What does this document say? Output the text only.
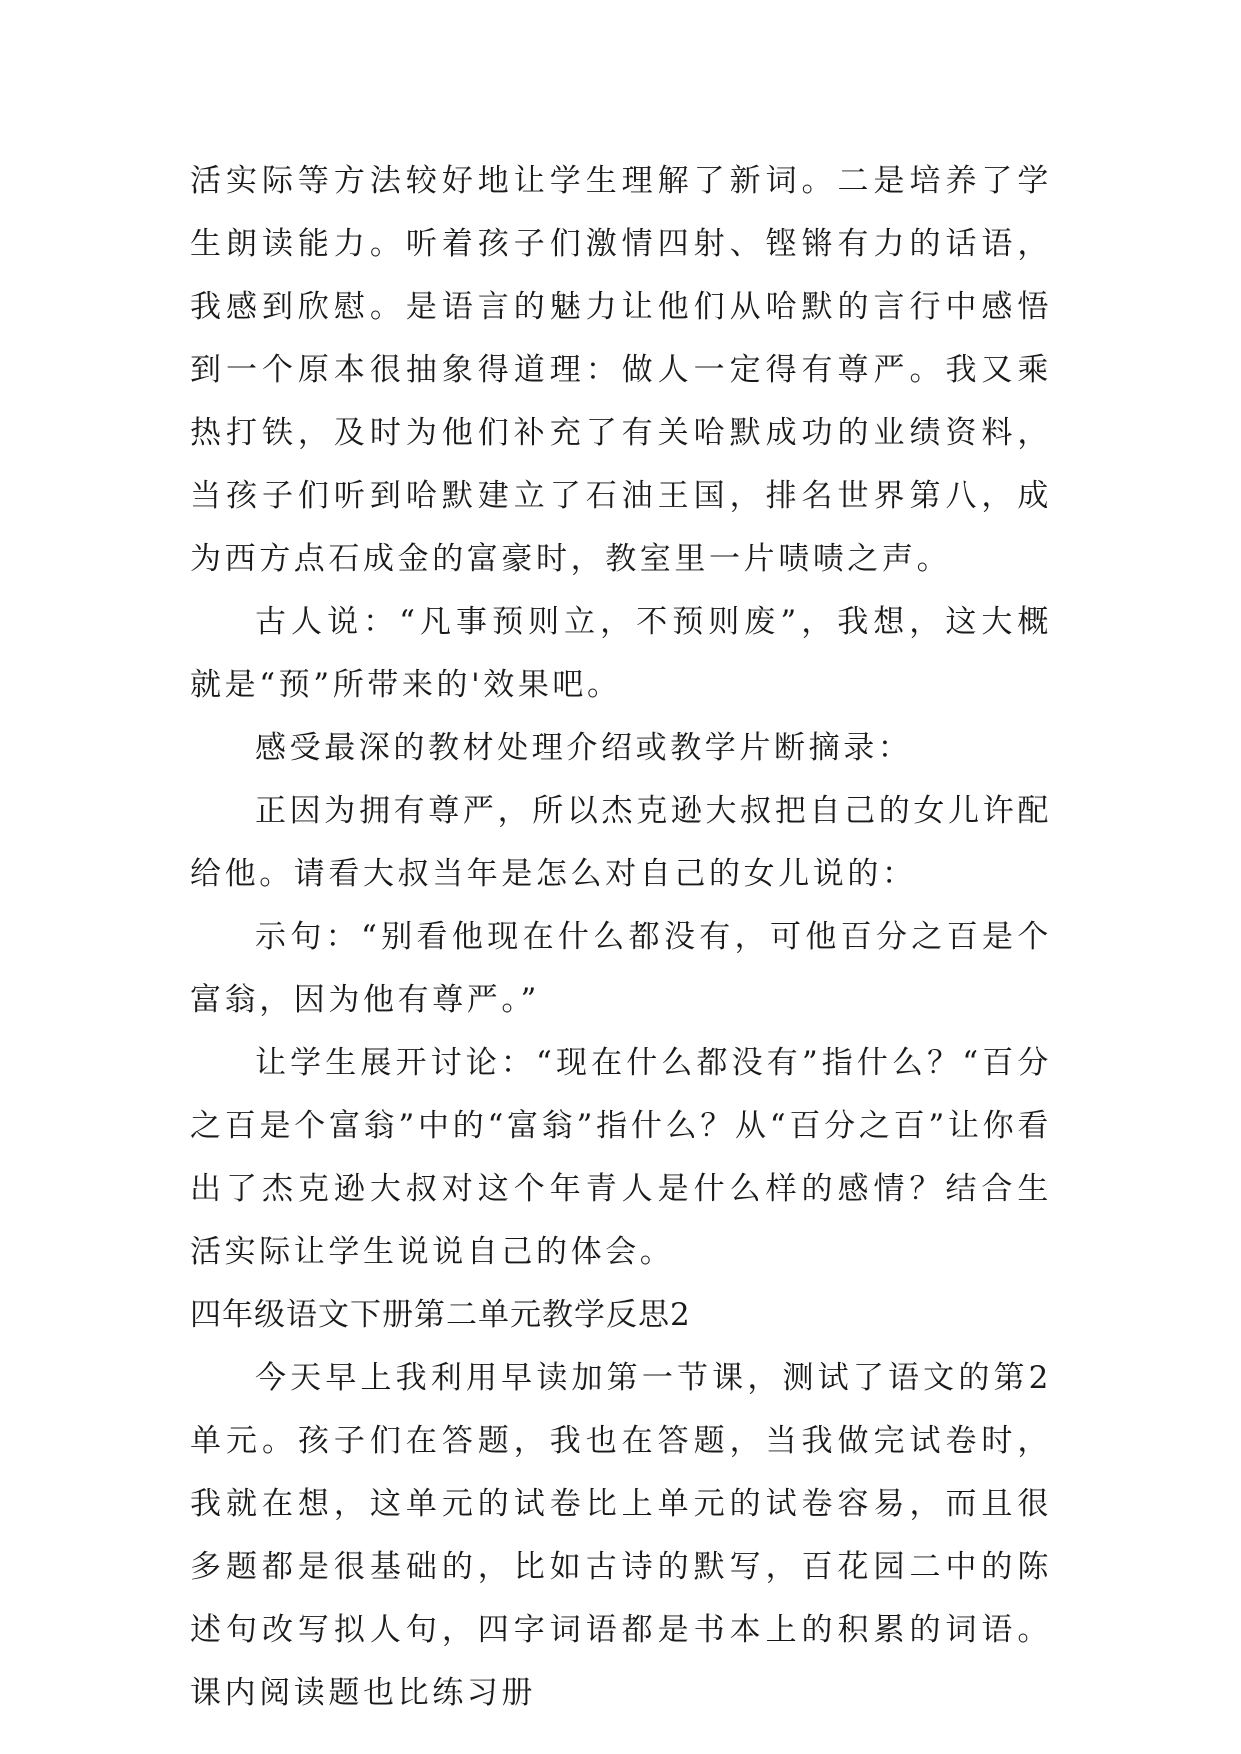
活实际等方法较好地让学生理解了新词。二是培养了学生朗读能力。听着孩子们激情四射、铿锵有力的话语，我感到欣慰。是语言的魅力让他们从哈默的言行中感悟到一个原本很抽象得道理：做人一定得有尊严。我又乘热打铁，及时为他们补充了有关哈默成功的业绩资料，当孩子们听到哈默建立了石油王国，排名世界第八，成为西方点石成金的富豪时，教室里一片啧啧之声。

古人说：“凡事预则立，不预则废”，我想，这大概就是“预”所带来的'效果吧。

感受最深的教材处理介绍或教学片断摘录：

正因为拥有尊严，所以杰克逊大叔把自己的女儿许配给他。请看大叔当年是怎么对自己的女儿说的：

示句：“别看他现在什么都没有，可他百分之百是个富翁，因为他有尊严。”

让学生展开讨论：“现在什么都没有”指什么？“百分之百是个富翁”中的“富翁”指什么？从“百分之百”让你看出了杰克逊大叔对这个年青人是什么样的感情？结合生活实际让学生说说自己的体会。

四年级语文下册第二单元教学反思2

今天早上我利用早读加第一节课，测试了语文的第2单元。孩子们在答题，我也在答题，当我做完试卷时，我就在想，这单元的试卷比上单元的试卷容易，而且很多题都是很基础的，比如古诗的默写，百花园二中的陈述句改写拟人句，四字词语都是书本上的积累的词语。课内阅读题也比练习册
